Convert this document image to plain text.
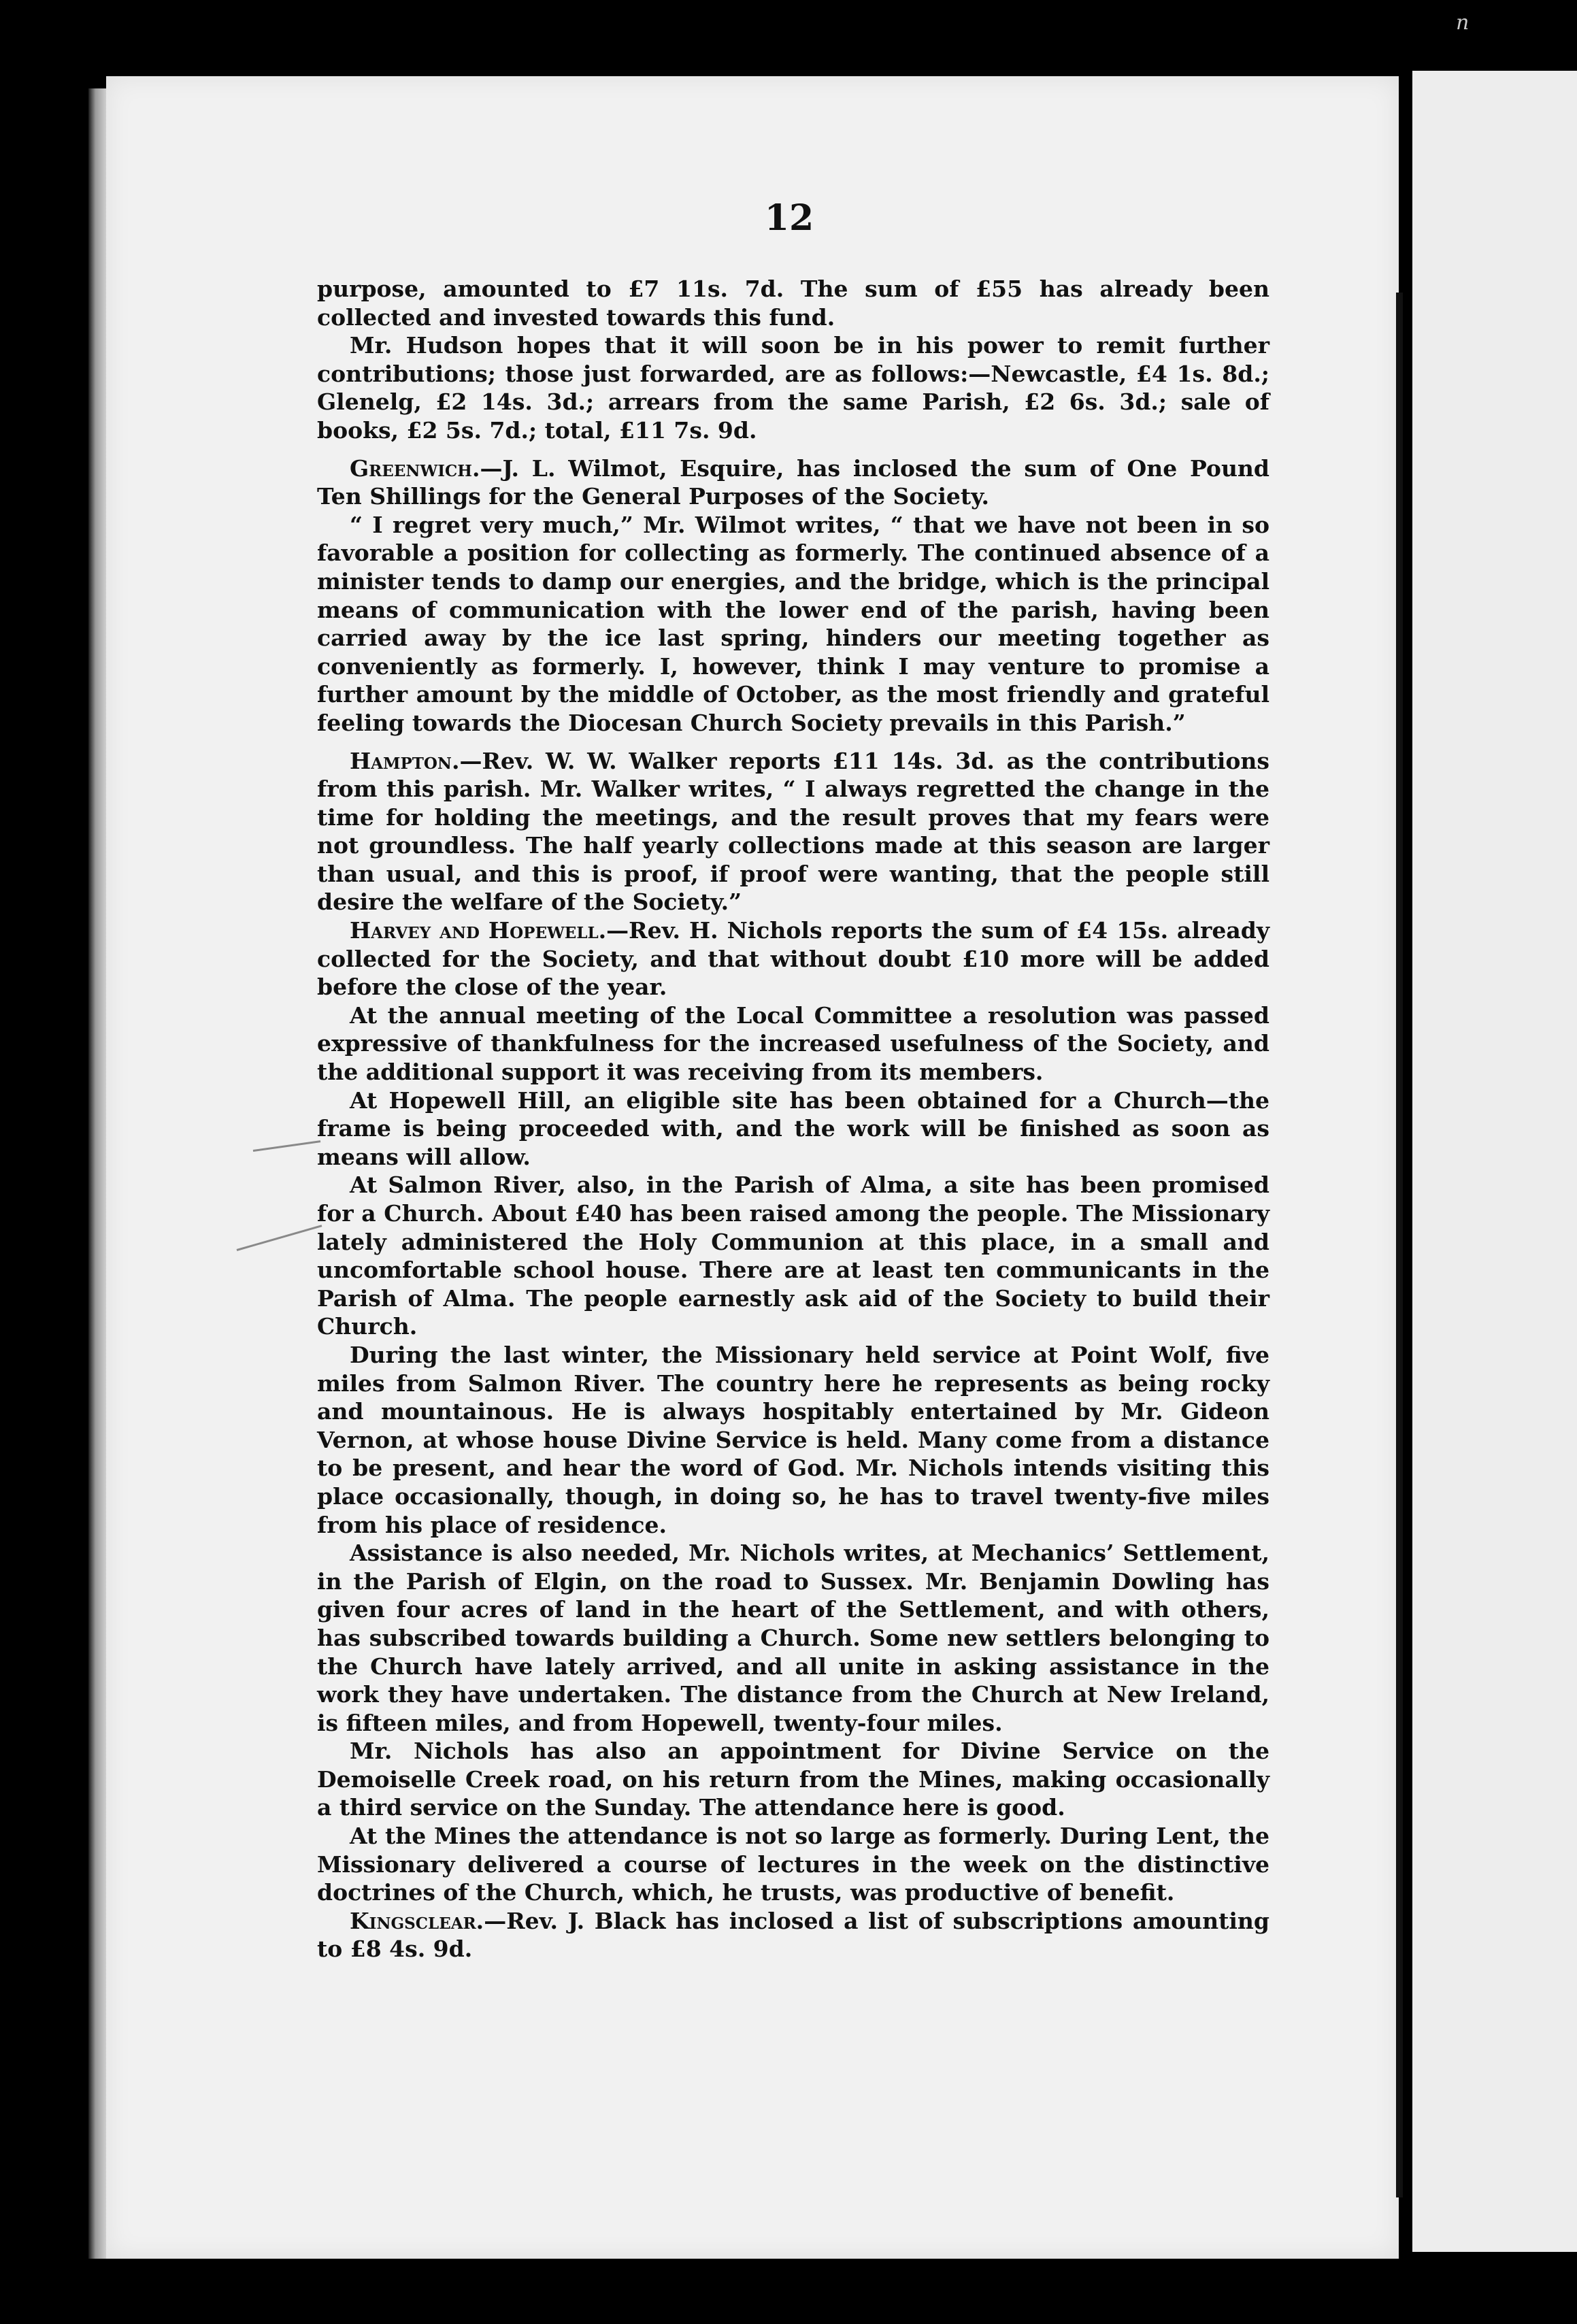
n
12

purpose, amounted to £7 11s. 7d. The sum of £55 has already been collected and invested towards this fund.

Mr. Hudson hopes that it will soon be in his power to remit further contributions; those just forwarded, are as follows:—Newcastle, £4 1s. 8d.; Glenelg, £2 14s. 3d.; arrears from the same Parish, £2 6s. 3d.; sale of books, £2 5s. 7d.; total, £11 7s. 9d.

Greenwich.—J. L. Wilmot, Esquire, has inclosed the sum of One Pound Ten Shillings for the General Purposes of the Society.

“ I regret very much,” Mr. Wilmot writes, “ that we have not been in so favorable a position for collecting as formerly. The continued absence of a minister tends to damp our energies, and the bridge, which is the principal means of communication with the lower end of the parish, having been carried away by the ice last spring, hinders our meeting together as conveniently as formerly. I, however, think I may venture to promise a further amount by the middle of October, as the most friendly and grateful feeling towards the Diocesan Church Society prevails in this Parish.”

Hampton.—Rev. W. W. Walker reports £11 14s. 3d. as the contributions from this parish. Mr. Walker writes, “ I always regretted the change in the time for holding the meetings, and the result proves that my fears were not groundless. The half yearly collections made at this season are larger than usual, and this is proof, if proof were wanting, that the people still desire the welfare of the Society.”

Harvey and Hopewell.—Rev. H. Nichols reports the sum of £4 15s. already collected for the Society, and that without doubt £10 more will be added before the close of the year.

At the annual meeting of the Local Committee a resolution was passed expressive of thankfulness for the increased usefulness of the Society, and the additional support it was receiving from its members.

At Hopewell Hill, an eligible site has been obtained for a Church—the frame is being proceeded with, and the work will be finished as soon as means will allow.

At Salmon River, also, in the Parish of Alma, a site has been promised for a Church. About £40 has been raised among the people. The Missionary lately administered the Holy Communion at this place, in a small and uncomfortable school house. There are at least ten communicants in the Parish of Alma. The people earnestly ask aid of the Society to build their Church.

During the last winter, the Missionary held service at Point Wolf, five miles from Salmon River. The country here he represents as being rocky and mountainous. He is always hospitably entertained by Mr. Gideon Vernon, at whose house Divine Service is held. Many come from a distance to be present, and hear the word of God. Mr. Nichols intends visiting this place occasionally, though, in doing so, he has to travel twenty-five miles from his place of residence.

Assistance is also needed, Mr. Nichols writes, at Mechanics’ Settlement, in the Parish of Elgin, on the road to Sussex. Mr. Benjamin Dowling has given four acres of land in the heart of the Settlement, and with others, has subscribed towards building a Church. Some new settlers belonging to the Church have lately arrived, and all unite in asking assistance in the work they have undertaken. The distance from the Church at New Ireland, is fifteen miles, and from Hopewell, twenty-four miles.

Mr. Nichols has also an appointment for Divine Service on the Demoiselle Creek road, on his return from the Mines, making occasionally a third service on the Sunday. The attendance here is good.

At the Mines the attendance is not so large as formerly. During Lent, the Missionary delivered a course of lectures in the week on the distinctive doctrines of the Church, which, he trusts, was productive of benefit.

Kingsclear.—Rev. J. Black has inclosed a list of subscriptions amounting to £8 4s. 9d.
